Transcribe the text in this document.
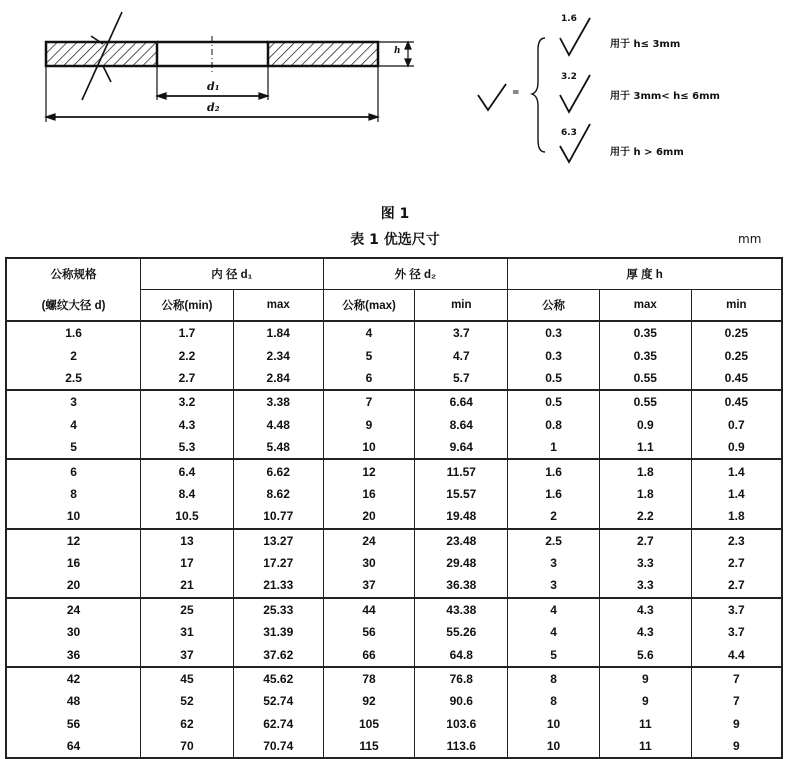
d₁
d₂
h
=
1.6
3.2
6.3
用于 h≤ 3mm
用于 3mm< h≤ 6mm
用于 h > 6mm
图 1
表 1 优选尺寸	mm
公称规格	内 径 d₁		外 径 d₂		厚 度 h		
(螺纹大径 d)	公称(min)	max	公称(max)	min	公称	max	min
1.6	1.7	1.84	4	3.7	0.3	0.35	0.25
2	2.2	2.34	5	4.7	0.3	0.35	0.25
2.5	2.7	2.84	6	5.7	0.5	0.55	0.45
3	3.2	3.38	7	6.64	0.5	0.55	0.45
4	4.3	4.48	9	8.64	0.8	0.9	0.7
5	5.3	5.48	10	9.64	1	1.1	0.9
6	6.4	6.62	12	11.57	1.6	1.8	1.4
8	8.4	8.62	16	15.57	1.6	1.8	1.4
10	10.5	10.77	20	19.48	2	2.2	1.8
12	13	13.27	24	23.48	2.5	2.7	2.3
16	17	17.27	30	29.48	3	3.3	2.7
20	21	21.33	37	36.38	3	3.3	2.7
24	25	25.33	44	43.38	4	4.3	3.7
30	31	31.39	56	55.26	4	4.3	3.7
36	37	37.62	66	64.8	5	5.6	4.4
42	45	45.62	78	76.8	8	9	7
48	52	52.74	92	90.6	8	9	7
56	62	62.74	105	103.6	10	11	9
64	70	70.74	115	113.6	10	11	9
